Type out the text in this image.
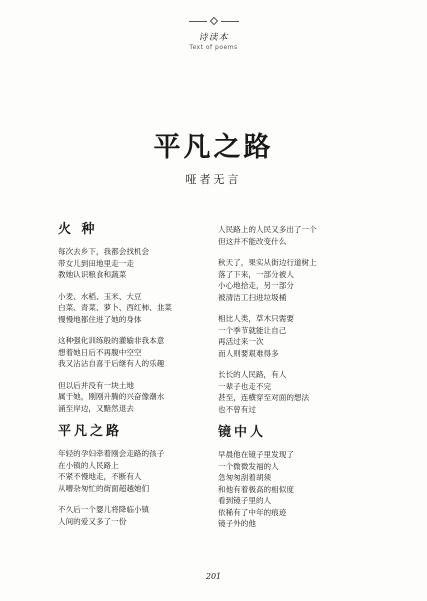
诗读本
Text of poems
平凡之路
哑者无言
火 种
每次去乡下，我都会找机会
带女儿到田地里走一走
教她认识粮食和蔬菜
小麦、水稻、玉米、大豆
白菜、青菜、萝卜、西红柿、韭菜
慢慢地都住进了她的身体
这种强化训练般的灌输非我本意
想着她日后不再腹中空空
我又沾沾自喜于后继有人的乐趣
但以后并没有一块土地
属于她，刚刚升腾的兴奋像潮水
涌至岸边，又黯然退去
平凡之路
年轻的孕妇牵着刚会走路的孩子
在小镇的人民路上
不紧不慢地走，不断有人
从嘈杂匆忙的街面超越她们
不久后一个婴儿将降临小镇
人间的爱又多了一份
人民路上的人民又多出了一个
但这并不能改变什么
秋天了，果实从街边行道树上
落了下来，一部分被人
小心地拾走，另一部分
被清洁工扫进垃圾桶
相比人类，草木只需要
一个季节就能让自己
再活过来一次
而人则要艰难得多
长长的人民路，有人
一辈子也走不完
甚至，连横穿至对面的想法
也不曾有过
镜中人
早晨他在镜子里发现了
一个微微发福的人
急匆匆刮着胡须
和他有着极高的相似度
看到镜子里的人
依稀有了中年的痕迹
镜子外的他
201
